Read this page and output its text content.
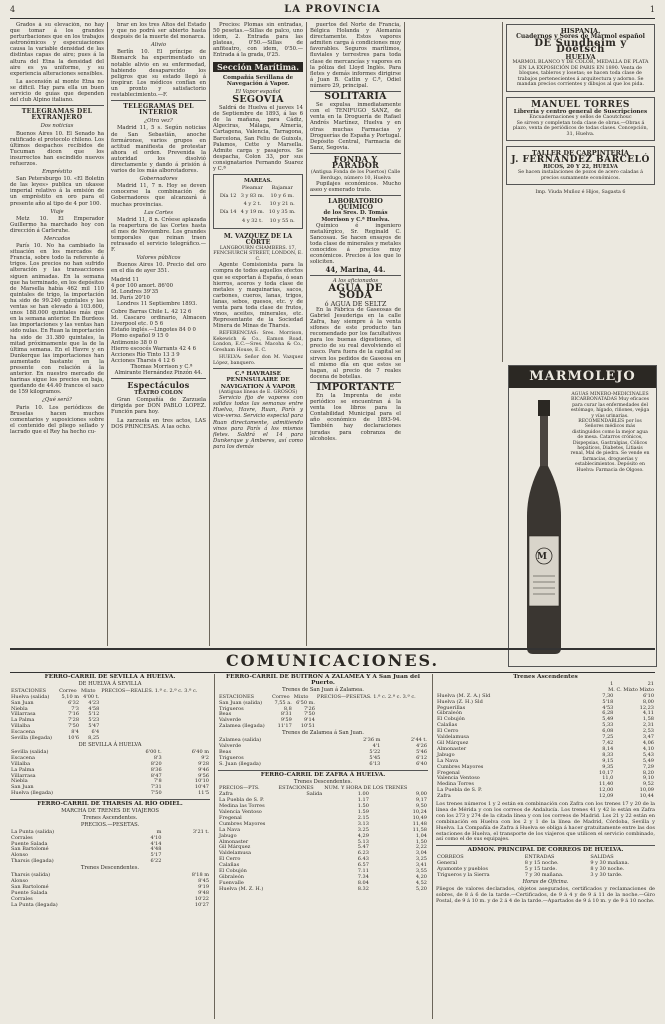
4	LA PROVINCIA	1

Grados á su elevación, no hay que tomar á los grandes perturbaciones que en los trabajos astronómicos y especuiaciones causa la variable densidad de las distintas capas de aire; pues á la altura del Etna la densidad del aire es ya uniforme, y su experiencia alteraciones sensibles.

La ascensión al monte Etna no se dificil. Hay para ella un buen servicio de guías que dependen del club Alpino italiano.

TELEGRAMAS DEL EXTRANJERO
Dos noticias

Buenos Aires 10. El Senado ha ratificado el protocolo chileno. Los últimos despachos recibidos de Tucuman dicen que los insurrectos han escindido nuevos refuerzos.

Empréstito

San Petersburgo 10. «El Boletin de las leyes» publica un ukasse imperial relativo á la emisión de un empréstito en oro para el presente año al tipo de 4 por 100.

Viaje

Metz 10. El Emperador Guillermo ha marchado hoy con dirección á Carlsruhe.

Mercados

París 10. No ha cambiado la situación en los mercados de Francia, sobre todo la referente á trigos. Los precios no han sufrido alteración y las transacciones siguen animadas. En la semana que ha terminado, en los depósitos de Marsella había 462 mil 110 quintales de trigo, la importación ha sido de 99.240 quintales y las ventas se han elevado á 103.600, unos 188.000 quintales más que en la semana anterior. En Burdeos las importaciones y las ventas han sido nulas. En Ruan la importación ha sido de 31.380 quintales, la mitad próximamente que la de la última semana. En el Havre y en Dunkerque las importaciones han aumentado bastante en la presente con relación á la anterior. En nuestro mercado de harinas sigue los precios en baja, quedando de 44.40 francos el saco de 159 kilogramos.

¿Qué será?

Paris 10. Los periódicos de Bruselas hacen muchos comentarios y suposiciones sobre el contenido del pliego sellado y lacrado que el Rey ha hecho cu-

brar en los tres Altos del Estado y que no podrá ser abierto hasta después de la muerte del monarca.

Alivio

Berlín 10. El príncipe de Bismarck ha experimentado un notable alivio en su enfermedad, habiendo desaparecido los peligros que su estado llegó á inspirar. Los médicos confían en un pronto y satisfactorio restablecimiento.—F.

TELEGRAMAS DEL INTERIOR
¿Otra vez?

Madrid 11, 5 s. Según noticias de San Sebastián, anoche formáronse, varios grupos en actitud manifiesta de protestar ahora el orden. Prevenida la autoridad los disolvió directamente y dando á prisión á varios de los más alborotadores.

Gobernadores

Madrid 11, 7 n. Hoy se deven conocerse la combinación de Gobernadores que alcanzará á muchas provincias.

Las Cortes

Madrid 11, 8 n. Créese aplazada la reapertura de las Cortes hasta el mes de Noviembre. Los grandes temporales que reinan traen retrasado el servicio telegráfico.—F.

Valores públicos

Buenos Aires 10. Precio del oro en el día de ayer 351.

Madrid 11
4 por 100 amort. 86'00
Id. Londres 39'35
Id. París 20'10

Londres 11 Septiembre 1893.

Cobre Barras Chile L. 42 12 6
Id. Cascaro ordinario, Almacen Liverpool etc. 0 5 6
Estaño inglés.—Lingotes 84 0 0
Plomo español 9 15 0
Antimonio 38 0 0
Hierro escocés Warrants 42 4 6
Acciones Río Tinto 13 3 9
Acciones Tharsis 4 12 6

Thomas Morrison y C.ª Almirante Hernández Pinzón 44.

Espectáculos
TEATRO COLON

Gran Compañía de Zarzuela dirigida por DON PABLO LOPEZ. Función para hoy.

La zarzuela en tres actos, LAS DOS PRINCESAS. A las ocho.

Precios: Plomas sin entradas, 50 pesetas.—Sillas de palco, uno idem, 2. Entrada para las plateas, 0'50.—Sillas de anfiteatro, con idem, 0'50.—Entrada á la grada, 0'25.

Sección Marítima.
Compañía Sevillana de Navegación á Vapor.
El Vapor español
SEGOVIA

Saldrá de Huelva el jueves 14 de Septiembre de 1893, á las 6 de la mañana, para Cádiz, Algeciras, Málaga, Almería, Cartagena, Valencia, Tarragona, Barcelona, San Feliu de Guixols, Palamos, Cette y Marsella. Admite carga y pasajeros. Se despacha, Colon 33, por sus consignatarios Fernando Suarez y C.ª

MAREAS.
	Pleamar	Bajamar
Día 12	3 y 83 m.	10 y 6 m.
	4 y 2 t.	10 y 21 n.
Día 14	4 y 19 m.	10 y 35 m.
	4 y 32 t.	10 y 55 n.
M. VAZQUEZ DE LA CORTE
LANGBOURN CHAMBERS. 17, FENCHURCH STREET, LONDON, E. C.

Agente Comisionista para la compra de todos aquellos efectos que se exportan á España, ó sean hierros, aceros y toda clase de metales y maquinarias, sacos, carbones, cueros, lanas, trigos, lanas, sebos, quesos, etc. y de venta para toda clase de frutos, vinos, aceites, minerales, etc. Representante de la Sociedad Minera de Minas de Tharsis.

REFERENCIAS: Sres. Morrison, Kekewich & Co., Eamon Road, London, E.C.—Sres. Macoha & Co., Gresham House, E. C.

HUELVA: Señor don M. Vazquez López, banquero.

C.ª HAVRAISE PENINSULAIRE DE NAVIGATION Á VAPOR
(Antiguas líneas de E. GROSOS)

Servicio fijo de vapores con salidas todas las semanas entre Huelva, Havre, Ruan, París y vice-versa. Servicio especial para Ruan directamente, admitiendo vinos para París á los mismos fletes. Saldrá el 14 para Dunkerque y Amberes, así como para los demás

puertos del Norte de Francia, Bélgica Holanda y Alemania directamente. Estos vapores admiten carga á condiciones muy favorables. Seguros marítimos, fluviales y terrestres para toda clase de mercancías y vapores en la póliza del Lloyd Inglés. Para fletes y demás informes dirigirse á Juan B. Catlin y C.ª, Odiel número 29, principal.

SOLITARIA

Se expulsa inmediatamente con el TENIFUGO SANZ, de venta en la Droguería de Rafael Andrés Martínez, Huelva y en otras muchas Farmacias y Droguerías de España y Portugal. Depósito Central, Farmacia de Sanz, Segovia.

FONDA Y PARADOR
(Antigua Fonda de los Puertos) Calle Berdugo, número 10, Huelva

Pupilajes económicos. Mucho aseo y esmerado trato.

LABORATORIO QUÍMICO
de los Sres. D. Tomás Morrison y C.ª Huelva.

Químico é ingeniero metalúrgico, Sr. Reginald C. Sancosau. Se hacen ensayos de toda clase de minerales y metales conocidos á precios muy económicos. Precios á los que lo soliciten.

44, Marina, 44.
A los aficionados
AGUA DE SODA
ó AGUA DE SELTZ

En la Fábrica de Gaseosas de Gabriel Jesuderiga en la calle Zafra, hay siempre á la venta sifones de este producto tan recomendado por los facultativos para los buenas digestiones, el precio de su real devolviendo el casco. Para fuera de la capital se sirven los pedidos de Gaseosa en el mismo día en que estos se hagan, al precio de 7 reales docena de botellas.

IMPORTANTE

En la Imprenta de este periódico se encuentran á la venta los libros para la Contabilidad Municipal para el año económico de 1893-94. También hay declaraciones juradas para cobranza de alcoholes.

HISPANIA.
Cuadernos y Sores de Mármol español
DE Sundheim y Doetsch
HUELVA
MARMOL BLANCO Y DE COLOR, MEDALLA DE PLATA EN LA EXPOSICIÓN DE PARIS EN 1890. Venta de bloques, tableros y losetas; se hacen toda clase de trabajos pertenecientes á arquitectura y adorno. Se mandan precios corrientes y dibujos al que los pida.
MANUEL TORRES
Librería y centro general de Suscripciones
Encuadernaciones y sellos de Caoutchouc
Se sirven y completan toda clase de obras.—Obras á plazo, venta de periódicos de todas clases. Concepción, 31, Huelva.
TALLER DE CARPINTERÍA
J. FERNÁNDEZ BARCELÓ
RICOS, 20 Y 22, HUELVA
Se hacen instalaciones de pozos de acero caladas á precios sumamente económicos.
Imp. Viuda Muñoz é Hijos, Sagasta 6
MARMOLEJO
M
AGUAS MINERO-MEDICINALES BICARBONATADAS Muy eficaces para curar las enfermedades del estómago, hígado, riñones, vejiga y vías urinarias. RECOMENDABLES por los Señores médicos más distinguidos como la mejor agua de mesa. Catarros crónicos, Dispepsias, Gastralgias, Cólicos hepáticos, Diabetes, Litiasis renal, Mal de piedra. Se vende en farmacias, droguerías y establecimientos. Depósito en Huelva: Farmacia de Olgoso.
COMUNICACIONES.
FERRO-CARRIL DE SEVILLA Á HUELVA.
DE HUELVA Á SEVILLA
ESTACIONES	Correo	Mixto	PRECIOS—REALES. 1.ª c. 2.ª c. 3.ª c.
Huelva (salida)	5,10 m	4'00 t.	
San Juan	6'32	4'23	
Niebla	7'3	4'58	
Villarrasa	7'16	5'12	
La Palma	7'28	5'23	
Villalba	7'50	5'47	
Escacena	8'4	6'4	
Sevilla (llegada)	10'6	8,25	
DE SEVILLA Á HUELVA
Sevilla (salida)	6'00 t.	6'40 m
Escacena	8'3	9'2
Villalba	8'20	9'28
La Palma	8'36	9'46
Villarrasa	8'47	9'56
Niebla	7'8	10'10
San Juan	7'31	10'47
Huelva (llegada)	7'50	11'5
FERRO-CARRIL DE THARSIS AL RÍO ODIEL.
MARCHA DE TRENES DE VIAJEROS
Trenes Ascendentes.
PRECIOS.—PESETAS.
La Punta (salida)	m	3'21 t.
Corrales	4'10	
Puente Salada	4'14	
San Bartolomé	4'48	
Alonso	5'17	
Tharsis (llegada)	6'22	
Trenes Descendentes.
Tharsis (salida)	8'18 m
Alonso	8'45
San Bartolomé	9'19
Puente Salada	9'48
Corrales	10'22
La Punta (llegada)	10'27
FERRO-CARRIL DE BUITRON Á ZALAMEA Y Á San Juan del Puerto.
Trenes de San Juan á Zalamea.
ESTACIONES	Correo	Mixto	PRECIOS—PESETAS. 1.ª c. 2.ª c. 3.ª c.
San Juan (salida)	7,55 a.	6'50 m.	
Trigueros	8,8	7'26	
Beas	8'31	7'50	
Valverde	9'59	9'14	
Zalamea (llegada)	11'17	10'51	
Trenes de Zalamea á San Juan.
Zalamea (salida)	2'36 m	2'44 t.
Valverde	4'1	4'26
Beas	5'22	5'46
Trigueros	5'45	6'12
S. Juan (llegada)	6'13	6'40
FERRO-CARRIL DE ZAFRA Á HUELVA.
Trenes Descendentes.
PRECIOS—PTS.	ESTACIONES	NUM. Y HORA DE LOS TRENES	
Zafra	Salida	1.00	9,00
La Puebla de S. P.		1.17	9,17
Medina las Torres		1.50	9,50
Valencia Ventoso		1.59	10,24
Fregenal		2.15	10,49
Cumbres Mayores		3.13	11,48
La Nava		3.25	11,58
Jabugo		4,29	1,04
Almonaster		5.13	1,50
Gil Márquez		5.47	2,22
Valdelamusa		6.23	3,04
El Cerro		6.43	3,25
Calañas		6.57	3,41
El Cobujón		7.11	3,55
Gibraleón		7.34	4,20
Fuenvalle		8.04	4,52
Huelva (M. Z. H.)		8.32	5,20
Trenes Ascendentes
	1	21
M. C. Mixto Mixto		
Huelva (M. Z. A.) Sld	7,30	6'10
Huelva (Z. H.) Sld	5'18	8,00
Peguerillas	4'53	12,23
Gibraleón	6,28	4,11
El Cobujón	5,49	1,58
Calañas	5,33	2,31
El Cerro	6,08	2,53
Valdelamusa	7,25	3,47
Gil Márquez	7,42	4,06
Almonaster	8,14	4,10
Jabugo	8,33	5,43
La Nava	9,15	5,49
Cumbres Mayores	9,35	7,29
Fregenal	10,17	8,20
Valencia Ventoso	11,0	9,10
Medina Torres	11,40	9,52
La Puebla de S. P.	12,00	10,09
Zafra	12,09	10,44

Los trenes números 1 y 2 están en combinación con Zafra con los trenes 17 y 20 de la línea de Mérida y con los correos de Andalucía. Los trenes 41 y 42 lo están en Zafra con los 273 y 274 de la citada línea y con los correos de Madrid. Los 21 y 22 están en combinación en Huelva con los 2 y 1 de la línea de Madrid, Córdoba, Sevilla y Huelva. La Compañía de Zafra á Huelva se obliga á hacer gratuitamente entre las dos estaciones de Huelva, el transporte de los viajeros que utilicen el servicio combinado, así como el de sus equipajes.

ADMON. PRINCIPAL DE CORREOS DE HUELVA.
CORREOS	ENTRADAS	SALIDAS
General	8 y 15 noche.	9 y 30 mañana.
Ayamonte y pueblos	5 y 15 tarde.	8 y 30 noche.
Trigueros y la Sierra	7 y 30 mañana.	3 y 30 tarde.
Horas de Oficina.

Pliegos de valores declarados, objetos asegurados, certificados y reclamaciones de sobres, de 8 á 6 de la tarde.—Certificados, de 9 á 4 y de 9 á 11 de la noche.—Giro Postal, de 9 á 10 m. y de 2 á 4 de la tarde.—Apartados de 9 á 10 m. y de 9 á 10 noche.
